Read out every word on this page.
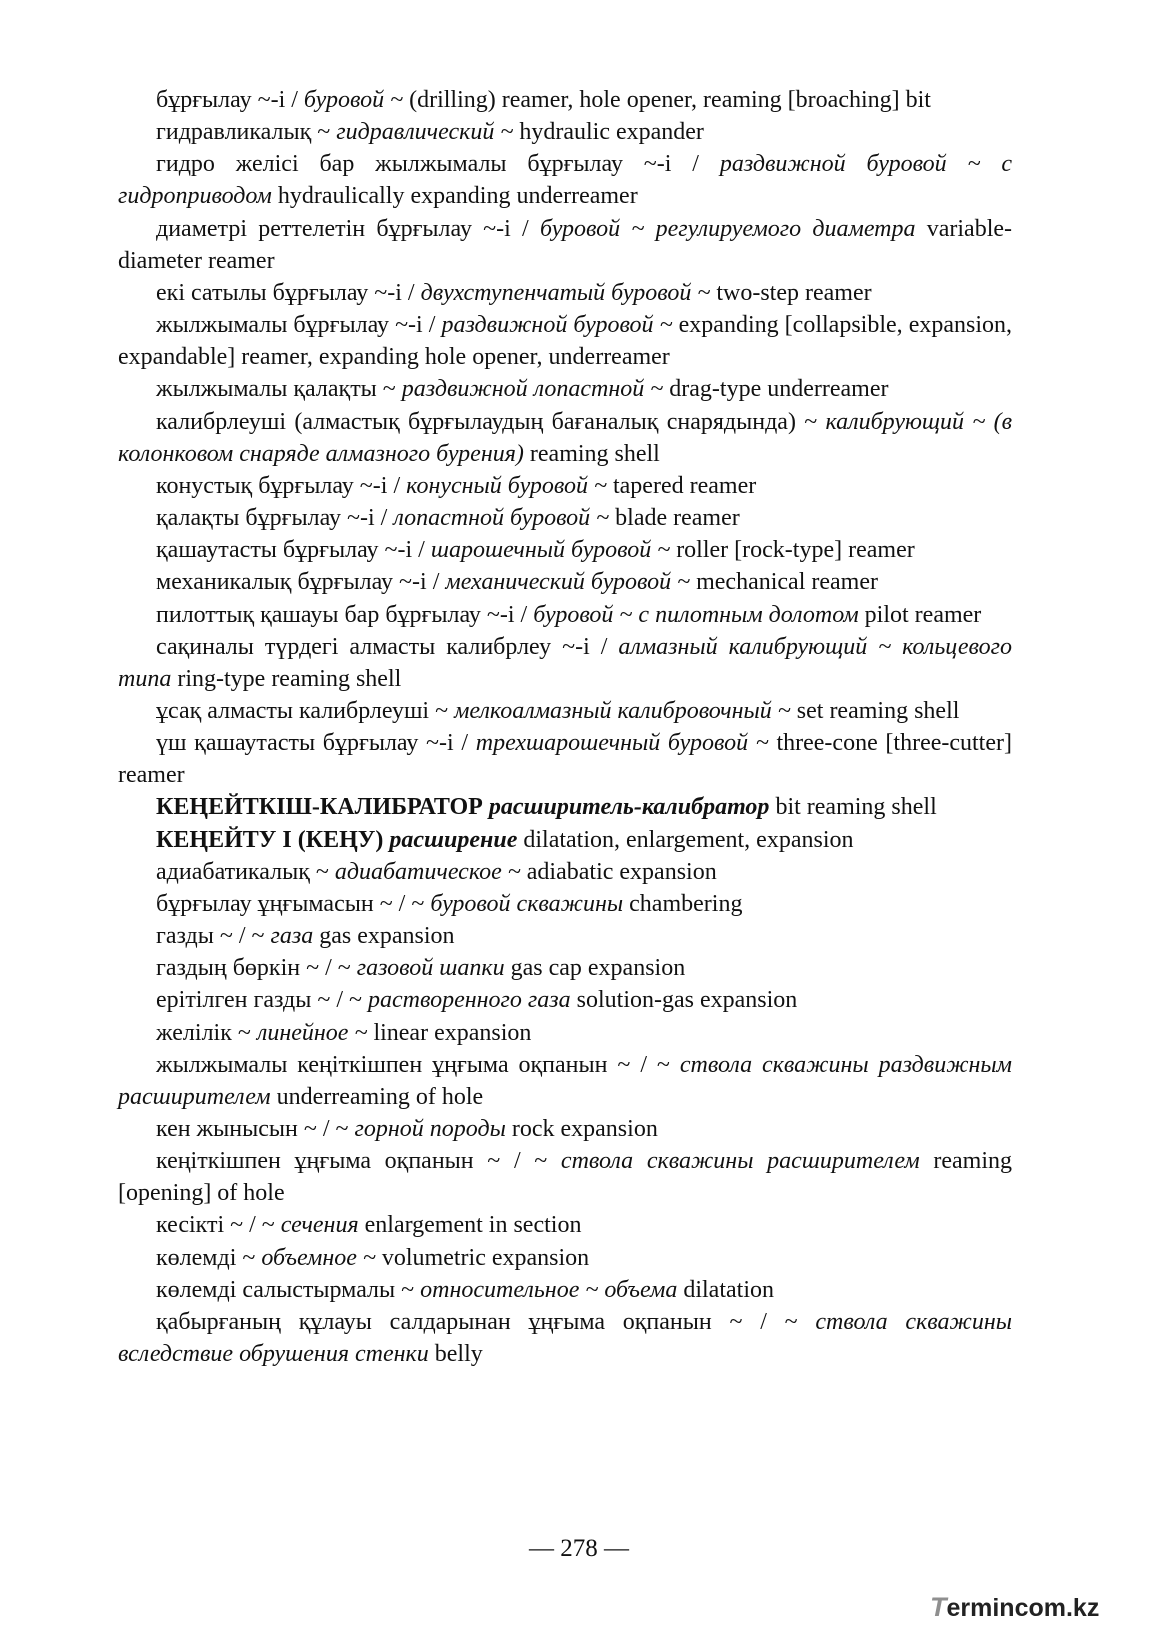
бұрғылау ~-і / буровой ~ (drilling) reamer, hole opener, reaming [broaching] bit

гидравликалық ~ гидравлический ~ hydraulic expander

гидро желісі бар жылжымалы бұрғылау ~-і / раздвижной буровой ~ с гидроприводом hydraulically expanding underreamer

диаметрі реттелетін бұрғылау ~-і / буровой ~ регулируемого диаметра variable-diameter reamer

екі сатылы бұрғылау ~-і / двухступенчатый буровой ~ two-step reamer

жылжымалы бұрғылау ~-і / раздвижной буровой ~ expanding [collapsible, expansion, expandable] reamer, expanding hole opener, underreamer

жылжымалы қалақты ~ раздвижной лопастной ~ drag-type underreamer

калибрлеуші (алмастық бұрғылаудың бағаналық снарядында) ~ калибрующий ~ (в колонковом снаряде алмазного бурения) reaming shell

конустық бұрғылау ~-і / конусный буровой ~ tapered reamer

қалақты бұрғылау ~-і / лопастной буровой ~ blade reamer

қашаутасты бұрғылау ~-і / шарошечный буровой ~ roller [rock-type] reamer

механикалық бұрғылау ~-і / механический буровой ~ mechanical reamer

пилоттық қашауы бар бұрғылау ~-і / буровой ~ с пилотным долотом pilot reamer

сақиналы түрдегі алмасты калибрлеу ~-і / алмазный калибрующий ~ кольцевого типа ring-type reaming shell

ұсақ алмасты калибрлеуші ~ мелкоалмазный калибровочный ~ set reaming shell

үш қашаутасты бұрғылау ~-і / трехшарошечный буровой ~ three-cone [three-cutter] reamer

КЕҢЕЙТКІШ-КАЛИБРАТОР расширитель-калибратор bit reaming shell

КЕҢЕЙТУ І (КЕҢУ) расширение dilatation, enlargement, expansion

адиабатикалық ~ адиабатическое ~ adiabatic expansion

бұрғылау ұңғымасын ~ / ~ буровой скважины chambering

газды ~ / ~ газа gas expansion

газдың бөркін ~ / ~ газовой шапки gas cap expansion

ерітілген газды ~ / ~ растворенного газа solution-gas expansion

желілік ~ линейное ~ linear expansion

жылжымалы кеңіткішпен ұңғыма оқпанын ~ / ~ ствола скважины раздвижным расширителем underreaming of hole

кен жынысын ~ / ~ горной породы rock expansion

кеңіткішпен ұңғыма оқпанын ~ / ~ ствола скважины расширителем reaming [opening] of hole

кесікті ~ / ~ сечения enlargement in section

көлемді ~ объемное ~ volumetric expansion

көлемді салыстырмалы ~ относительное ~ объема dilatation

қабырғаның құлауы салдарынан ұңғыма оқпанын ~ / ~ ствола скважины вследствие обрушения стенки belly

— 278 —
Termincom.kz
